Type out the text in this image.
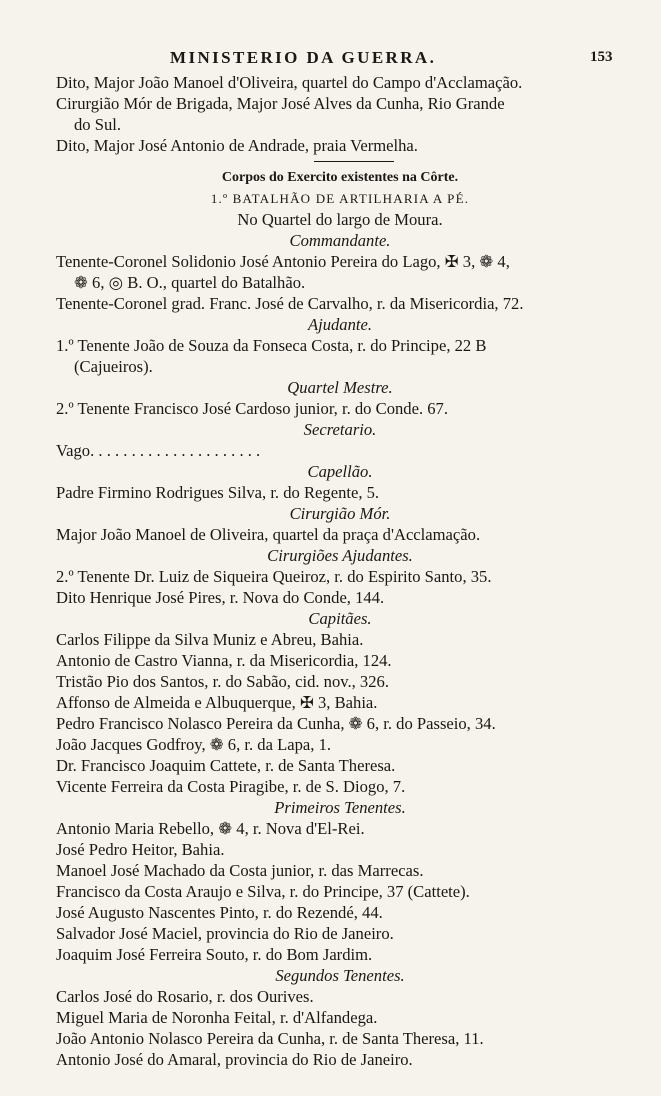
MINISTERIO DA GUERRA.	153
Dito, Major João Manoel d'Oliveira, quartel do Campo d'Acclamação.
Cirurgião Mór de Brigada, Major José Alves da Cunha, Rio Grande
do Sul.
Dito, Major José Antonio de Andrade, praia Vermelha.
Corpos do Exercito existentes na Côrte.
1.º BATALHÃO DE ARTILHARIA A PÉ.
No Quartel do largo de Moura.
Commandante.
Tenente-Coronel Solidonio José Antonio Pereira do Lago, ✠ 3, ❁ 4,
❁ 6, ◎ B. O., quartel do Batalhão.
Tenente-Coronel grad. Franc. José de Carvalho, r. da Misericordia, 72.
Ajudante.
1.º Tenente João de Souza da Fonseca Costa, r. do Principe, 22 B
(Cajueiros).
Quartel Mestre.
2.º Tenente Francisco José Cardoso junior, r. do Conde. 67.
Secretario.
Vago. . . . . . . . . . . . . . . . . . . . .
Capellão.
Padre Firmino Rodrigues Silva, r. do Regente, 5.
Cirurgião Mór.
Major João Manoel de Oliveira, quartel da praça d'Acclamação.
Cirurgiões Ajudantes.
2.º Tenente Dr. Luiz de Siqueira Queiroz, r. do Espirito Santo, 35.
Dito Henrique José Pires, r. Nova do Conde, 144.
Capitães.
Carlos Filippe da Silva Muniz e Abreu, Bahia.
Antonio de Castro Vianna, r. da Misericordia, 124.
Tristão Pio dos Santos, r. do Sabão, cid. nov., 326.
Affonso de Almeida e Albuquerque, ✠ 3, Bahia.
Pedro Francisco Nolasco Pereira da Cunha, ❁ 6, r. do Passeio, 34.
João Jacques Godfroy, ❁ 6, r. da Lapa, 1.
Dr. Francisco Joaquim Cattete, r. de Santa Theresa.
Vicente Ferreira da Costa Piragibe, r. de S. Diogo, 7.
Primeiros Tenentes.
Antonio Maria Rebello, ❁ 4, r. Nova d'El-Rei.
José Pedro Heitor, Bahia.
Manoel José Machado da Costa junior, r. das Marrecas.
Francisco da Costa Araujo e Silva, r. do Principe, 37 (Cattete).
José Augusto Nascentes Pinto, r. do Rezendé, 44.
Salvador José Maciel, provincia do Rio de Janeiro.
Joaquim José Ferreira Souto, r. do Bom Jardim.
Segundos Tenentes.
Carlos José do Rosario, r. dos Ourives.
Miguel Maria de Noronha Feital, r. d'Alfandega.
João Antonio Nolasco Pereira da Cunha, r. de Santa Theresa, 11.
Antonio José do Amaral, provincia do Rio de Janeiro.
